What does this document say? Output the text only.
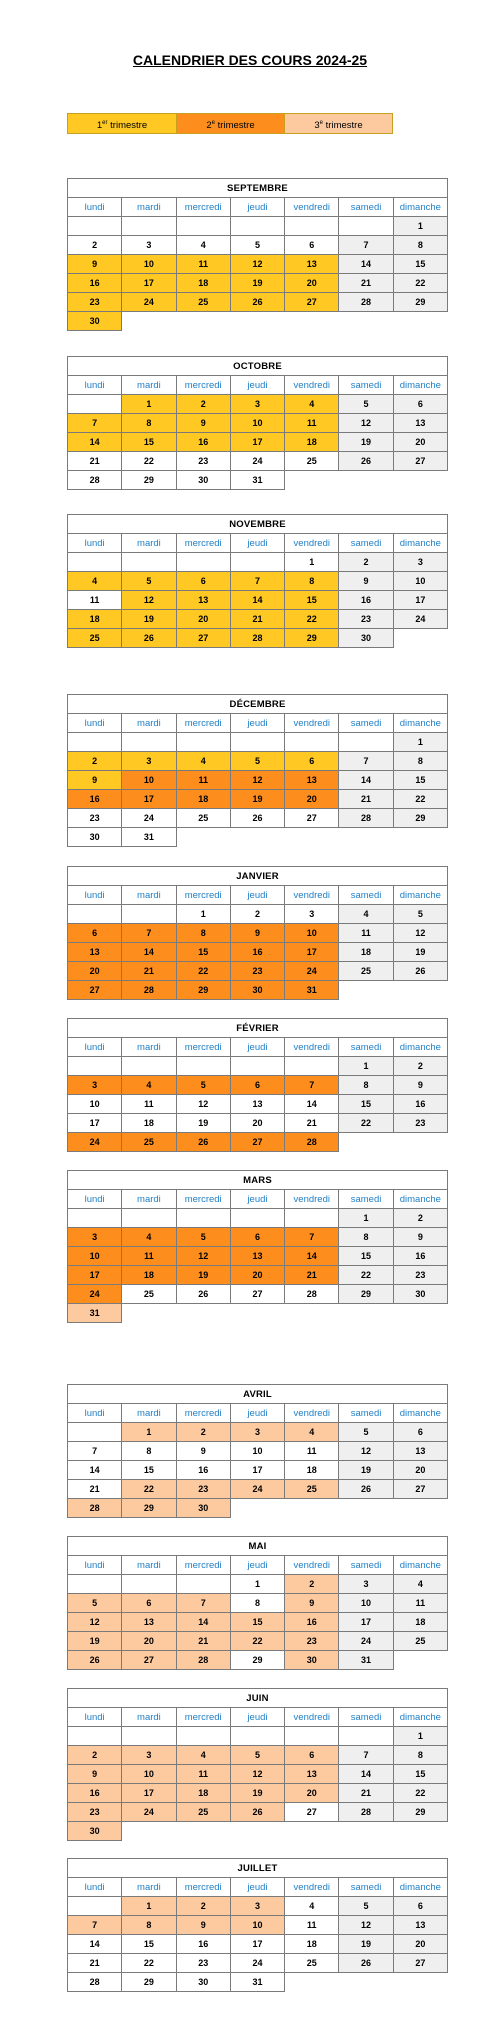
CALENDRIER DES COURS 2024-25
1er trimestre	2e trimestre	3e trimestre
SEPTEMBRE						
lundi	mardi	mercredi	jeudi	vendredi	samedi	dimanche
						1
2	3	4	5	6	7	8
9	10	11	12	13	14	15
16	17	18	19	20	21	22
23	24	25	26	27	28	29
30						
OCTOBRE						
lundi	mardi	mercredi	jeudi	vendredi	samedi	dimanche
	1	2	3	4	5	6
7	8	9	10	11	12	13
14	15	16	17	18	19	20
21	22	23	24	25	26	27
28	29	30	31			
NOVEMBRE						
lundi	mardi	mercredi	jeudi	vendredi	samedi	dimanche
				1	2	3
4	5	6	7	8	9	10
11	12	13	14	15	16	17
18	19	20	21	22	23	24
25	26	27	28	29	30	
DÉCEMBRE						
lundi	mardi	mercredi	jeudi	vendredi	samedi	dimanche
						1
2	3	4	5	6	7	8
9	10	11	12	13	14	15
16	17	18	19	20	21	22
23	24	25	26	27	28	29
30	31					
JANVIER						
lundi	mardi	mercredi	jeudi	vendredi	samedi	dimanche
		1	2	3	4	5
6	7	8	9	10	11	12
13	14	15	16	17	18	19
20	21	22	23	24	25	26
27	28	29	30	31		
FÉVRIER						
lundi	mardi	mercredi	jeudi	vendredi	samedi	dimanche
					1	2
3	4	5	6	7	8	9
10	11	12	13	14	15	16
17	18	19	20	21	22	23
24	25	26	27	28		
MARS						
lundi	mardi	mercredi	jeudi	vendredi	samedi	dimanche
					1	2
3	4	5	6	7	8	9
10	11	12	13	14	15	16
17	18	19	20	21	22	23
24	25	26	27	28	29	30
31						
AVRIL						
lundi	mardi	mercredi	jeudi	vendredi	samedi	dimanche
	1	2	3	4	5	6
7	8	9	10	11	12	13
14	15	16	17	18	19	20
21	22	23	24	25	26	27
28	29	30				
MAI						
lundi	mardi	mercredi	jeudi	vendredi	samedi	dimanche
			1	2	3	4
5	6	7	8	9	10	11
12	13	14	15	16	17	18
19	20	21	22	23	24	25
26	27	28	29	30	31	
JUIN						
lundi	mardi	mercredi	jeudi	vendredi	samedi	dimanche
						1
2	3	4	5	6	7	8
9	10	11	12	13	14	15
16	17	18	19	20	21	22
23	24	25	26	27	28	29
30						
JUILLET						
lundi	mardi	mercredi	jeudi	vendredi	samedi	dimanche
	1	2	3	4	5	6
7	8	9	10	11	12	13
14	15	16	17	18	19	20
21	22	23	24	25	26	27
28	29	30	31			
